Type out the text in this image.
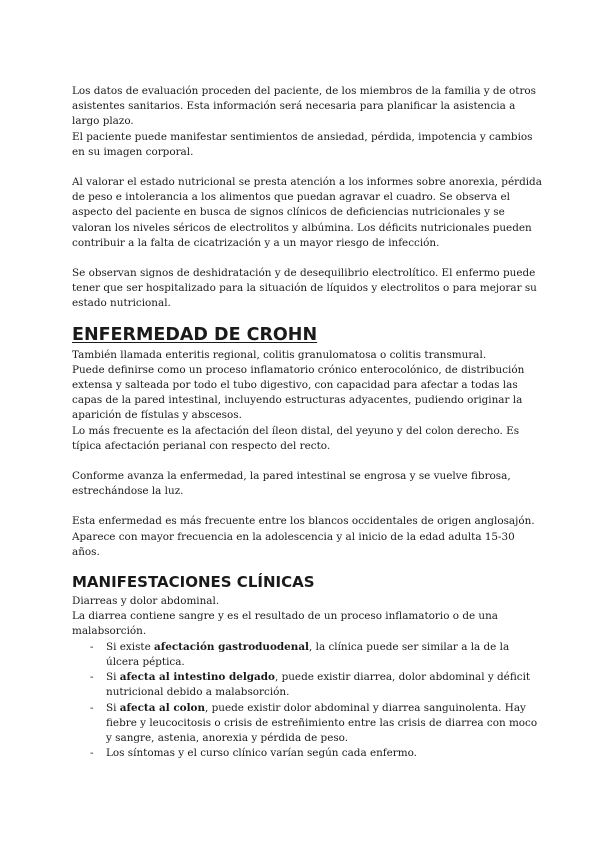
Los datos de evaluación proceden del paciente, de los miembros de la familia y de otros asistentes sanitarios. Esta información será necesaria para planificar la asistencia a largo plazo.

El paciente puede manifestar sentimientos de ansiedad, pérdida, impotencia y cambios en su imagen corporal.

Al valorar el estado nutricional se presta atención a los informes sobre anorexia, pérdida de peso e intolerancia a los alimentos que puedan agravar el cuadro. Se observa el aspecto del paciente en busca de signos clínicos de deficiencias nutricionales y se valoran los niveles séricos de electrolitos y albúmina. Los déficits nutricionales pueden contribuir a la falta de cicatrización y a un mayor riesgo de infección.

Se observan signos de deshidratación y de desequilibrio electrolítico. El enfermo puede tener que ser hospitalizado para la situación de líquidos y electrolitos o para mejorar su estado nutricional.

ENFERMEDAD DE CROHN

También llamada enteritis regional, colitis granulomatosa o colitis transmural.

Puede definirse como un proceso inflamatorio crónico enterocolónico, de distribución extensa y salteada por todo el tubo digestivo, con capacidad para afectar a todas las capas de la pared intestinal, incluyendo estructuras adyacentes, pudiendo originar la aparición de fístulas y abscesos.

Lo más frecuente es la afectación del íleon distal, del yeyuno y del colon derecho. Es típica afectación perianal con respecto del recto.

Conforme avanza la enfermedad, la pared intestinal se engrosa y se vuelve fibrosa, estrechándose la luz.

Esta enfermedad es más frecuente entre los blancos occidentales de origen anglosajón.

Aparece con mayor frecuencia en la adolescencia y al inicio de la edad adulta 15-30 años.

MANIFESTACIONES CLÍNICAS

Diarreas y dolor abdominal.

La diarrea contiene sangre y es el resultado de un proceso inflamatorio o de una malabsorción.

- Si existe afectación gastroduodenal, la clínica puede ser similar a la de la úlcera péptica.
- Si afecta al intestino delgado, puede existir diarrea, dolor abdominal y déficit nutricional debido a malabsorción.
- Si afecta al colon, puede existir dolor abdominal y diarrea sanguinolenta. Hay fiebre y leucocitosis o crisis de estreñimiento entre las crisis de diarrea con moco y sangre, astenia, anorexia y pérdida de peso.
- Los síntomas y el curso clínico varían según cada enfermo.
